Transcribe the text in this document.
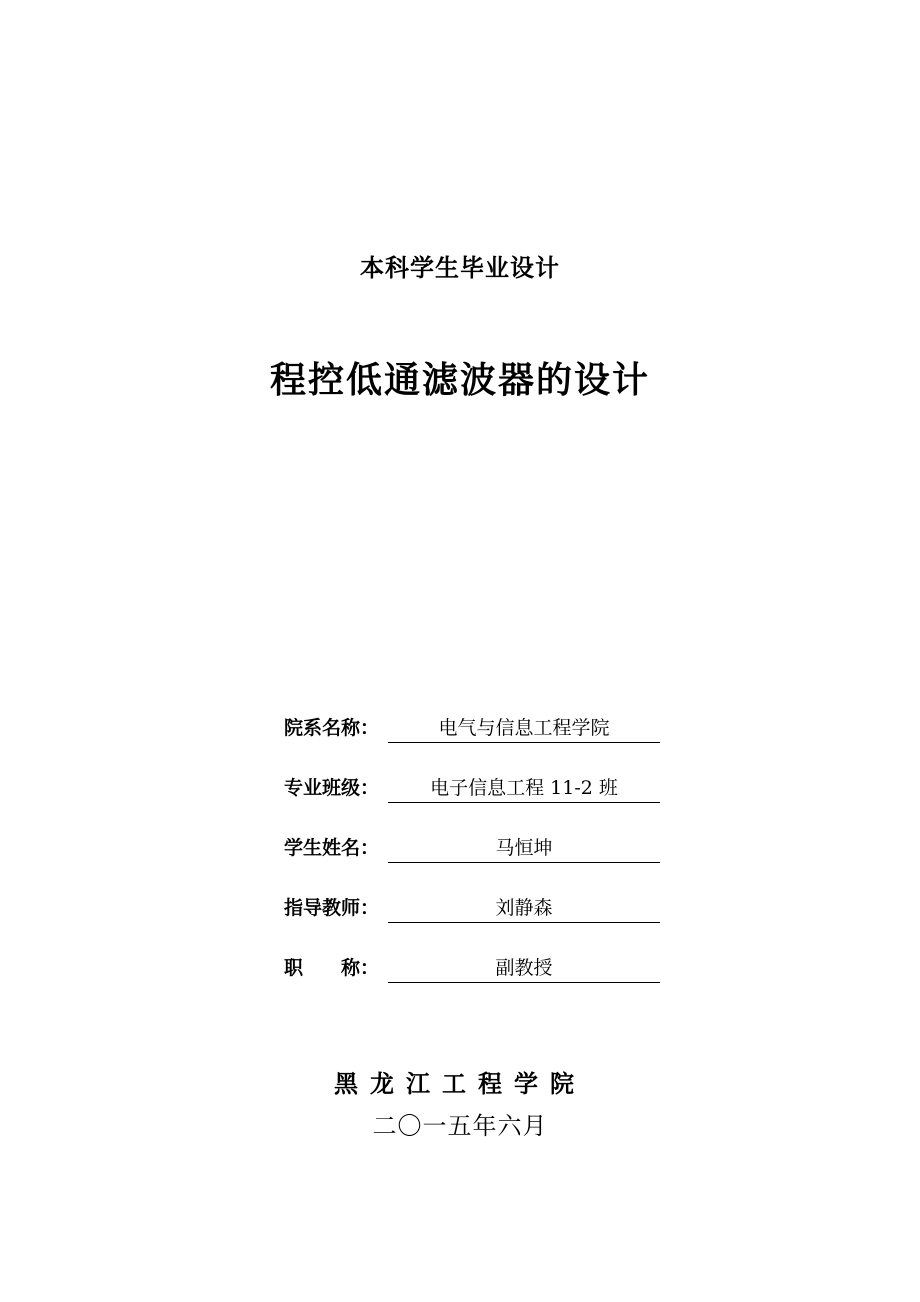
本科学生毕业设计
程控低通滤波器的设计
院系名称：	电气与信息工程学院
专业班级：	电子信息工程 11-2 班
学生姓名：	马恒坤
指导教师：	刘静森
职　　称：	副教授
黑龙江工程学院
二〇一五年六月
